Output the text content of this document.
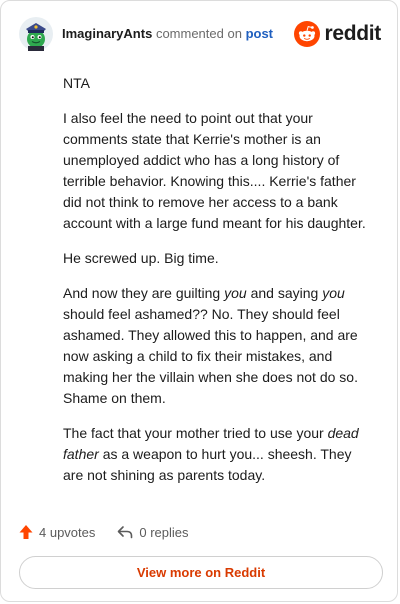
ImaginaryAnts commented on post reddit

NTA

I also feel the need to point out that your comments state that Kerrie's mother is an unemployed addict who has a long history of terrible behavior. Knowing this.... Kerrie's father did not think to remove her access to a bank account with a large fund meant for his daughter.

He screwed up. Big time.

And now they are guilting you and saying you should feel ashamed?? No. They should feel ashamed. They allowed this to happen, and are now asking a child to fix their mistakes, and making her the villain when she does not do so. Shame on them.

The fact that your mother tried to use your dead father as a weapon to hurt you... sheesh. They are not shining as parents today.

4 upvotes	0 replies
View more on Reddit
